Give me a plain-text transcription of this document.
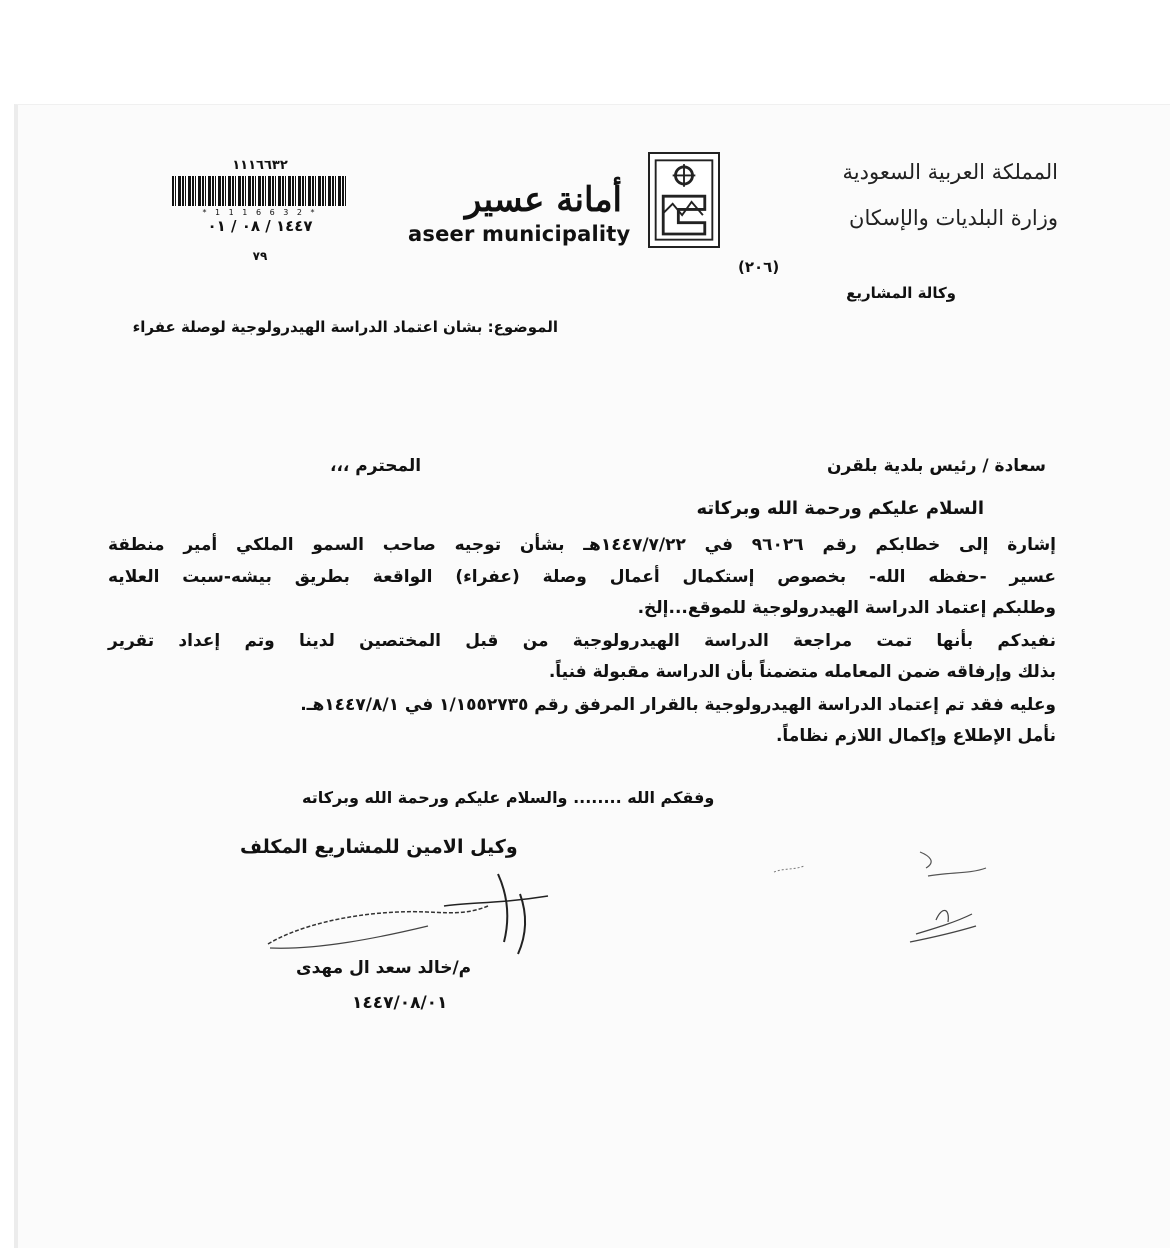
المملكة العربية السعودية
وزارة البلديات والإسكان
وكالة المشاريع
(٢٠٦)
أمانة عسير
aseer municipality
١١١٦٦٣٢
* 1 1 1 6 6 3 2 *
١٤٤٧ / ٠٨ / ٠١
٧٩
الموضوع: بشان اعتماد الدراسة الهيدرولوجية لوصلة عفراء
سعادة / رئيس بلدية بلقرن
المحترم ،،،
السلام عليكم ورحمة الله وبركاته

إشارة إلى خطابكم رقم ٩٦٠٢٦ في ١٤٤٧/٧/٢٢هـ بشأن توجيه صاحب السمو الملكي أمير منطقة

عسير -حفظه الله- بخصوص إستكمال أعمال وصلة (عفراء) الواقعة بطريق بيشه-سبت العلايه

وطلبكم إعتماد الدراسة الهيدرولوجية للموقع...إلخ.

نفيدكم بأنها تمت مراجعة الدراسة الهيدرولوجية من قبل المختصين لدينا وتم إعداد تقرير

بذلك وإرفاقه ضمن المعامله متضمناً بأن الدراسة مقبولة فنياً.

وعليه فقد تم إعتماد الدراسة الهيدرولوجية بالقرار المرفق رقم ١/١٥٥٢٧٣٥ في ١٤٤٧/٨/١هـ.

نأمل الإطلاع وإكمال اللازم نظاماً.

وفقكم الله ........ والسلام عليكم ورحمة الله وبركاته
وكيل الامين للمشاريع المكلف
م/خالد سعد ال مهدى
١٤٤٧/٠٨/٠١
